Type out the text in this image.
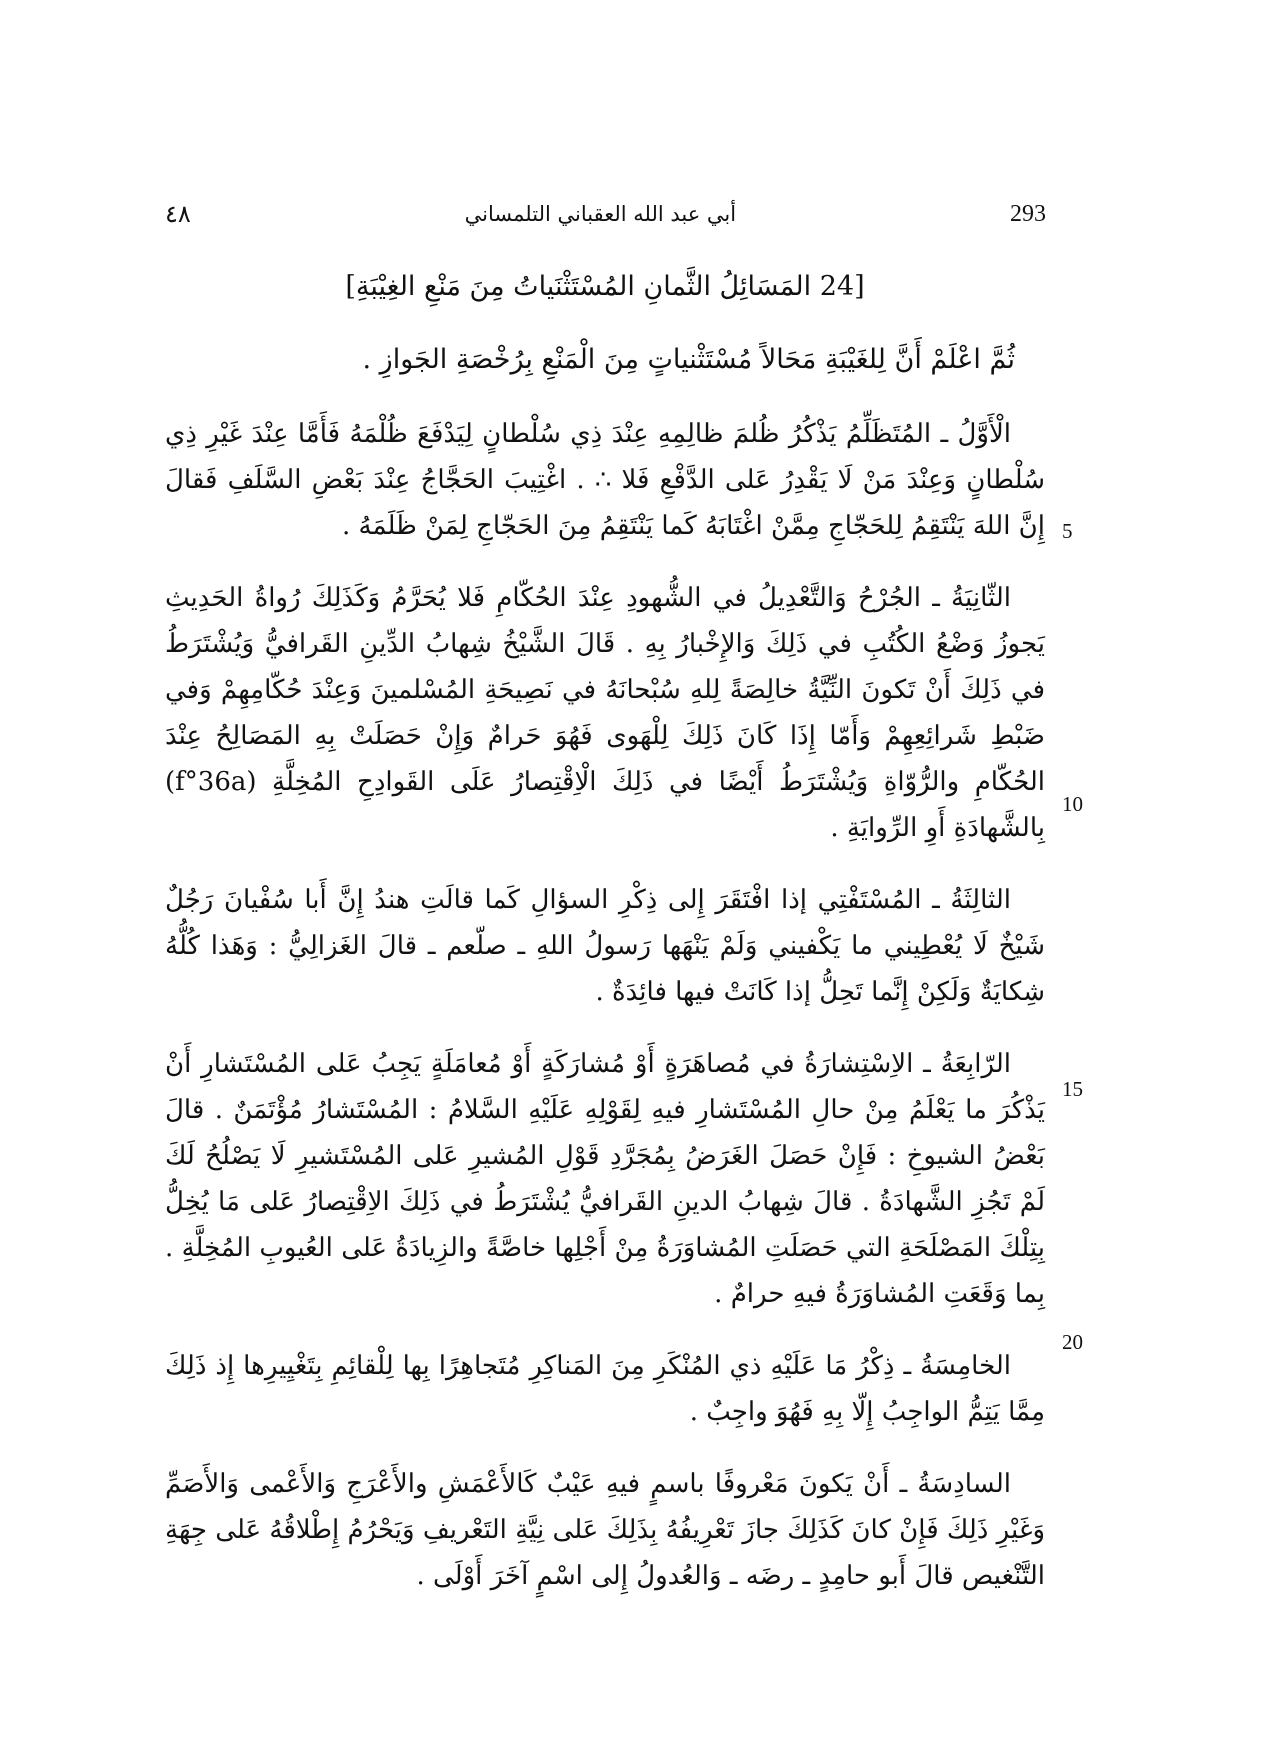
٤٨	أبي عبد الله العقباني التلمساني	293
[24 المَسَائِلُ الثَّمانِ المُسْتَثْنَياتُ مِنَ مَنْعِ الغِيْبَةِ]

ثُمَّ اعْلَمْ أَنَّ لِلغَيْبَةِ مَحَالاً مُسْتَثْنياتٍ مِنَ الْمَنْعِ بِرُخْصَةِ الجَوازِ .

الْأَوَّلُ ـ المُتَظَلِّمُ يَذْكُرُ ظُلمَ ظالِمِهِ عِنْدَ ذِي سُلْطانٍ لِيَدْفَعَ ظُلْمَهُ فَأَمَّا عِنْدَ غَيْرِ ذِي سُلْطانٍ وَعِنْدَ مَنْ لَا يَقْدِرُ عَلى الدَّفْعِ فَلا ∴ . اغْتِيبَ الحَجَّاجُ عِنْدَ بَعْضِ السَّلَفِ فَقالَ إِنَّ اللهَ يَنْتَقِمُ لِلحَجّاجِ مِمَّنْ اغْتَابَهُ كَما يَنْتَقِمُ مِنَ الحَجّاجِ لِمَنْ ظَلَمَهُ .

الثّانِيَةُ ـ الجُرْحُ وَالتَّعْدِيلُ في الشُّهودِ عِنْدَ الحُكّامِ فَلا يُحَرَّمُ وَكَذَلِكَ رُواةُ الحَدِيثِ يَجوزُ وَضْعُ الكُتُبِ في ذَلِكَ وَالإِخْبارُ بِهِ . قَالَ الشَّيْخُ شِهابُ الدِّينِ القَرافيُّ وَيُشْتَرَطُ في ذَلِكَ أَنْ تَكونَ النِّيَّةُ خالِصَةً لِلهِ سُبْحانَهُ في نَصِيحَةِ المُسْلمينَ وَعِنْدَ حُكّامِهِمْ وَفي ضَبْطِ شَرائِعِهِمْ وَأَمّا إِذَا كَانَ ذَلِكَ لِلْهَوى فَهُوَ حَرامٌ وَإِنْ حَصَلَتْ بِهِ المَصَالِحُ عِنْدَ الحُكّامِ والرُّوّاةِ وَيُشْتَرَطُ أَيْضًا في ذَلِكَ الْاِقْتِصارُ عَلَى القَوادِحِ المُخِلَّةِ (f°36a) بِالشَّهادَةِ أَوِ الرِّوايَةِ .

الثالِثَةُ ـ المُسْتَفْتِي إذا افْتَقَرَ إِلى ذِكْرِ السؤالِ كَما قالَتِ هندُ إِنَّ أَبا سُفْيانَ رَجُلٌ شَيْخٌ لَا يُعْطِيني ما يَكْفيني وَلَمْ يَنْهَها رَسولُ اللهِ ـ صلّعم ـ قالَ الغَزالِيُّ : وَهَذا كُلُّهُ شِكايَةٌ وَلَكِنْ إِنَّما تَحِلُّ إذا كَانَتْ فيها فائِدَةٌ .

الرّابِعَةُ ـ الاِسْتِشارَةُ في مُصاهَرَةٍ أَوْ مُشارَكَةٍ أَوْ مُعامَلَةٍ يَجِبُ عَلى المُسْتَشارِ أَنْ يَذْكُرَ ما يَعْلَمُ مِنْ حالِ المُسْتَشارِ فيهِ لِقَوْلِهِ عَلَيْهِ السَّلامُ : المُسْتَشارُ مُؤْتَمَنٌ . قالَ بَعْضُ الشيوخِ : فَإِنْ حَصَلَ الغَرَضُ بِمُجَرَّدِ قَوْلِ المُشيرِ عَلى المُسْتَشيرِ لَا يَصْلُحُ لَكَ لَمْ تَجُزِ الشَّهادَةُ . قالَ شِهابُ الدينِ القَرافيُّ يُشْتَرَطُ في ذَلِكَ الاِقْتِصارُ عَلى مَا يُخِلُّ بِتِلْكَ المَصْلَحَةِ التي حَصَلَتِ المُشاوَرَةُ مِنْ أَجْلِها خاصَّةً والزِيادَةُ عَلى العُيوبِ المُخِلَّةِ . بِما وَقَعَتِ المُشاوَرَةُ فيهِ حرامٌ .

الخامِسَةُ ـ ذِكْرُ مَا عَلَيْهِ ذي المُنْكَرِ مِنَ المَناكِرِ مُتَجاهِرًا بِها لِلْقائِمِ بِتَغْيِيرِها إِذ ذَلِكَ مِمَّا يَتِمُّ الواجِبُ إِلّا بِهِ فَهُوَ واجِبٌ .

السادِسَةُ ـ أَنْ يَكونَ مَعْروفًا باسمٍ فيهِ عَيْبٌ كَالأَعْمَشِ والأَعْرَجِ وَالأَعْمى وَالأَصَمِّ وَغَيْرِ ذَلِكَ فَإِنْ كانَ كَذَلِكَ جازَ تَعْرِيفُهُ بِذَلِكَ عَلى نِيَّةِ التَعْريفِ وَيَحْرُمُ إِطْلاقُهُ عَلى جِهَةِ التَّنْغيص قالَ أَبو حامِدٍ ـ رضَه ـ وَالعُدولُ إِلى اسْمٍ آخَرَ أَوْلَى .

5
10
15
20
